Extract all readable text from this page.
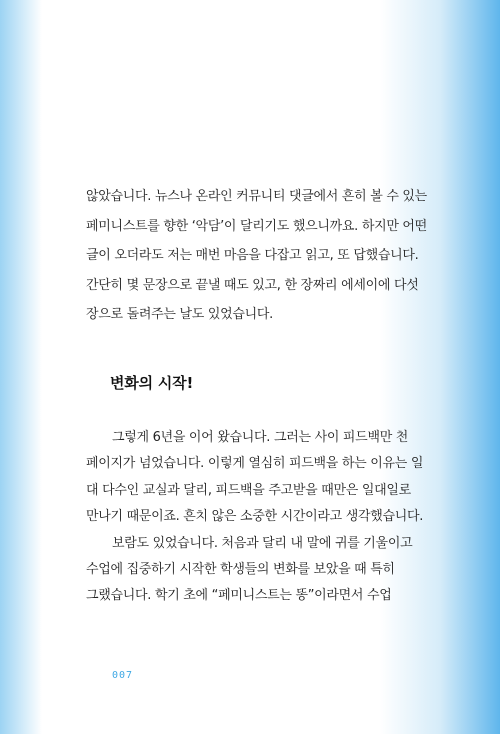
않았습니다. 뉴스나 온라인 커뮤니티 댓글에서 흔히 볼 수 있는
페미니스트를 향한 ‘악담’이 달리기도 했으니까요. 하지만 어떤
글이 오더라도 저는 매번 마음을 다잡고 읽고, 또 답했습니다.
간단히 몇 문장으로 끝낼 때도 있고, 한 장짜리 에세이에 다섯
장으로 돌려주는 날도 있었습니다.
변화의 시작!
그렇게 6년을 이어 왔습니다. 그러는 사이 피드백만 천
페이지가 넘었습니다. 이렇게 열심히 피드백을 하는 이유는 일
대 다수인 교실과 달리, 피드백을 주고받을 때만은 일대일로
만나기 때문이죠. 흔치 않은 소중한 시간이라고 생각했습니다.
보람도 있었습니다. 처음과 달리 내 말에 귀를 기울이고
수업에 집중하기 시작한 학생들의 변화를 보았을 때 특히
그랬습니다. 학기 초에 “페미니스트는 똥”이라면서 수업
007
